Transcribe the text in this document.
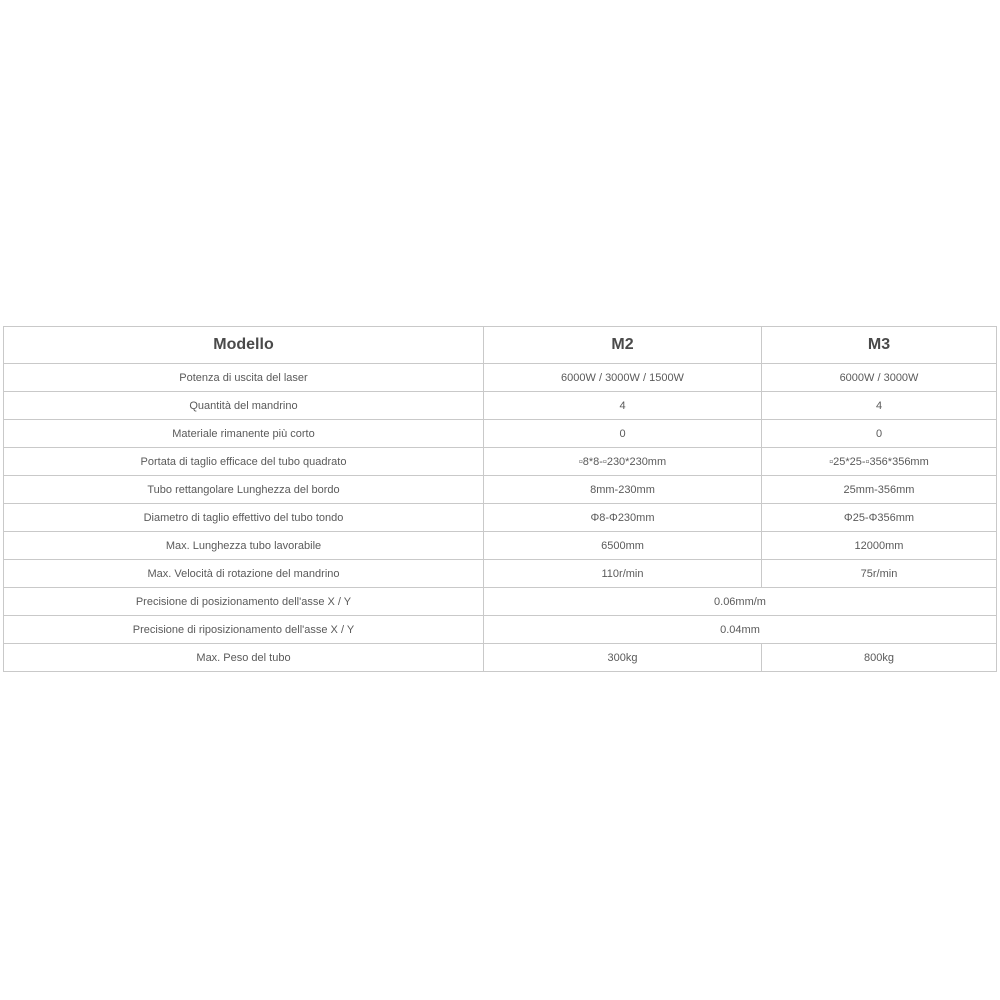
Modello	M2	M3
Potenza di uscita del laser	6000W / 3000W / 1500W	6000W / 3000W
Quantità del mandrino	4	4
Materiale rimanente più corto	0	0
Portata di taglio efficace del tubo quadrato	▫8*8-▫230*230mm	▫25*25-▫356*356mm
Tubo rettangolare Lunghezza del bordo	8mm-230mm	25mm-356mm
Diametro di taglio effettivo del tubo tondo	Φ8-Φ230mm	Φ25-Φ356mm
Max. Lunghezza tubo lavorabile	6500mm	12000mm
Max. Velocità di rotazione del mandrino	110r/min	75r/min
Precisione di posizionamento dell'asse X / Y	0.06mm/m	
Precisione di riposizionamento dell'asse X / Y	0.04mm	
Max. Peso del tubo	300kg	800kg
